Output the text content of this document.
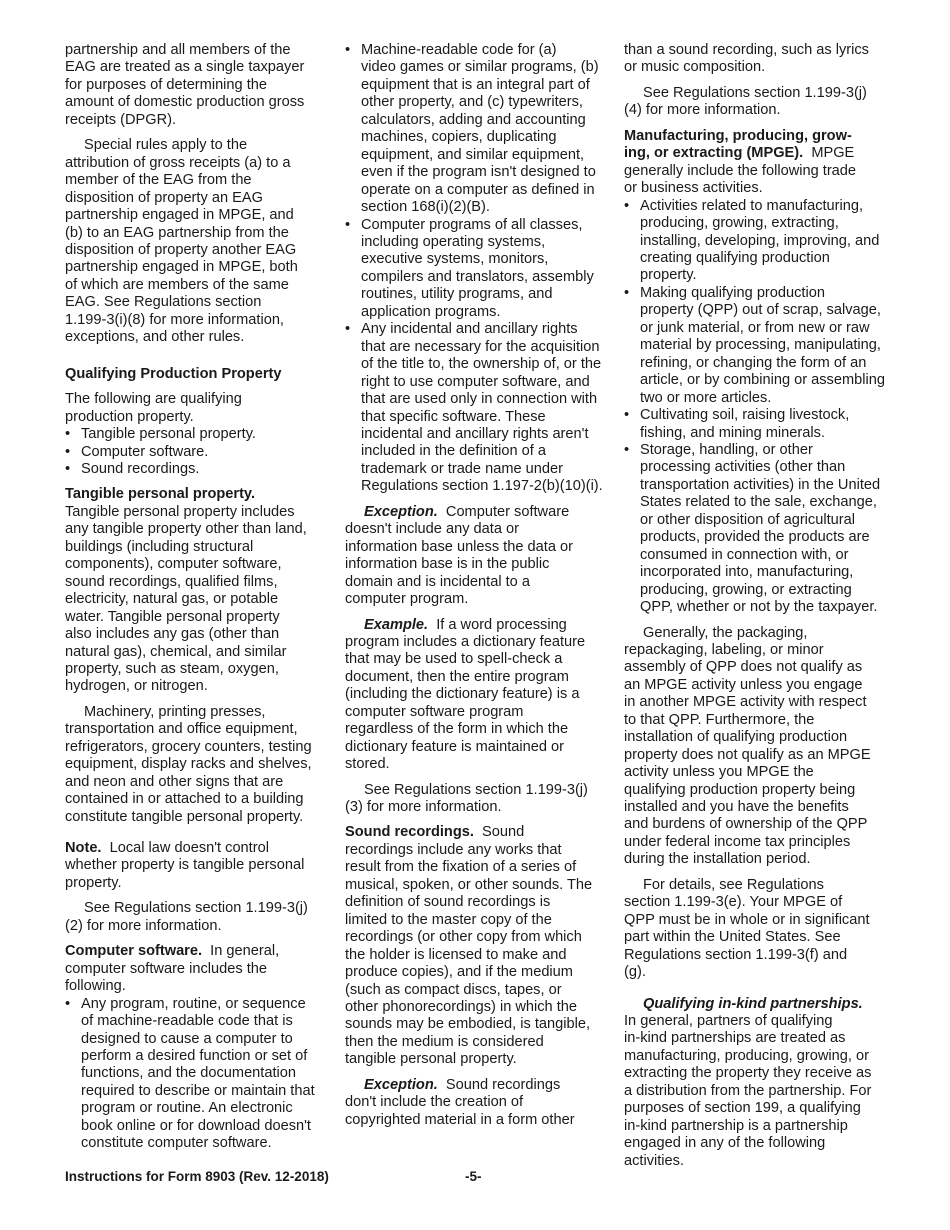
partnership and all members of the
EAG are treated as a single taxpayer
for purposes of determining the
amount of domestic production gross
receipts (DPGR).

Special rules apply to the
attribution of gross receipts (a) to a
member of the EAG from the
disposition of property an EAG
partnership engaged in MPGE, and
(b) to an EAG partnership from the
disposition of property another EAG
partnership engaged in MPGE, both
of which are members of the same
EAG. See Regulations section
1.199-3(i)(8) for more information,
exceptions, and other rules.

Qualifying Production Property

The following are qualifying
production property.

• Tangible personal property.

• Computer software.

• Sound recordings.

Tangible personal property.
Tangible personal property includes
any tangible property other than land,
buildings (including structural
components), computer software,
sound recordings, qualified films,
electricity, natural gas, or potable
water. Tangible personal property
also includes any gas (other than
natural gas), chemical, and similar
property, such as steam, oxygen,
hydrogen, or nitrogen.

Machinery, printing presses,
transportation and office equipment,
refrigerators, grocery counters, testing
equipment, display racks and shelves,
and neon and other signs that are
contained in or attached to a building
constitute tangible personal property.

Note. Local law doesn't control
whether property is tangible personal
property.

See Regulations section 1.199-3(j)
(2) for more information.

Computer software. In general,
computer software includes the
following.

• Any program, routine, or sequence
of machine-readable code that is
designed to cause a computer to
perform a desired function or set of
functions, and the documentation
required to describe or maintain that
program or routine. An electronic
book online or for download doesn't
constitute computer software.

• Machine-readable code for (a)
video games or similar programs, (b)
equipment that is an integral part of
other property, and (c) typewriters,
calculators, adding and accounting
machines, copiers, duplicating
equipment, and similar equipment,
even if the program isn't designed to
operate on a computer as defined in
section 168(i)(2)(B).

• Computer programs of all classes,
including operating systems,
executive systems, monitors,
compilers and translators, assembly
routines, utility programs, and
application programs.

• Any incidental and ancillary rights
that are necessary for the acquisition
of the title to, the ownership of, or the
right to use computer software, and
that are used only in connection with
that specific software. These
incidental and ancillary rights aren't
included in the definition of a
trademark or trade name under
Regulations section 1.197-2(b)(10)(i).

Exception. Computer software
doesn't include any data or
information base unless the data or
information base is in the public
domain and is incidental to a
computer program.

Example. If a word processing
program includes a dictionary feature
that may be used to spell-check a
document, then the entire program
(including the dictionary feature) is a
computer software program
regardless of the form in which the
dictionary feature is maintained or
stored.

See Regulations section 1.199-3(j)
(3) for more information.

Sound recordings. Sound
recordings include any works that
result from the fixation of a series of
musical, spoken, or other sounds. The
definition of sound recordings is
limited to the master copy of the
recordings (or other copy from which
the holder is licensed to make and
produce copies), and if the medium
(such as compact discs, tapes, or
other phonorecordings) in which the
sounds may be embodied, is tangible,
then the medium is considered
tangible personal property.

Exception. Sound recordings
don't include the creation of
copyrighted material in a form other

than a sound recording, such as lyrics
or music composition.

See Regulations section 1.199-3(j)
(4) for more information.

Manufacturing, producing, grow-
ing, or extracting (MPGE). MPGE
generally include the following trade
or business activities.

• Activities related to manufacturing,
producing, growing, extracting,
installing, developing, improving, and
creating qualifying production
property.

• Making qualifying production
property (QPP) out of scrap, salvage,
or junk material, or from new or raw
material by processing, manipulating,
refining, or changing the form of an
article, or by combining or assembling
two or more articles.

• Cultivating soil, raising livestock,
fishing, and mining minerals.

• Storage, handling, or other
processing activities (other than
transportation activities) in the United
States related to the sale, exchange,
or other disposition of agricultural
products, provided the products are
consumed in connection with, or
incorporated into, manufacturing,
producing, growing, or extracting
QPP, whether or not by the taxpayer.

Generally, the packaging,
repackaging, labeling, or minor
assembly of QPP does not qualify as
an MPGE activity unless you engage
in another MPGE activity with respect
to that QPP. Furthermore, the
installation of qualifying production
property does not qualify as an MPGE
activity unless you MPGE the
qualifying production property being
installed and you have the benefits
and burdens of ownership of the QPP
under federal income tax principles
during the installation period.

For details, see Regulations
section 1.199-3(e). Your MPGE of
QPP must be in whole or in significant
part within the United States. See
Regulations section 1.199-3(f) and
(g).

Qualifying in-kind partnerships.
In general, partners of qualifying
in-kind partnerships are treated as
manufacturing, producing, growing, or
extracting the property they receive as
a distribution from the partnership. For
purposes of section 199, a qualifying
in-kind partnership is a partnership
engaged in any of the following
activities.

Instructions for Form 8903 (Rev. 12-2018)	-5-
